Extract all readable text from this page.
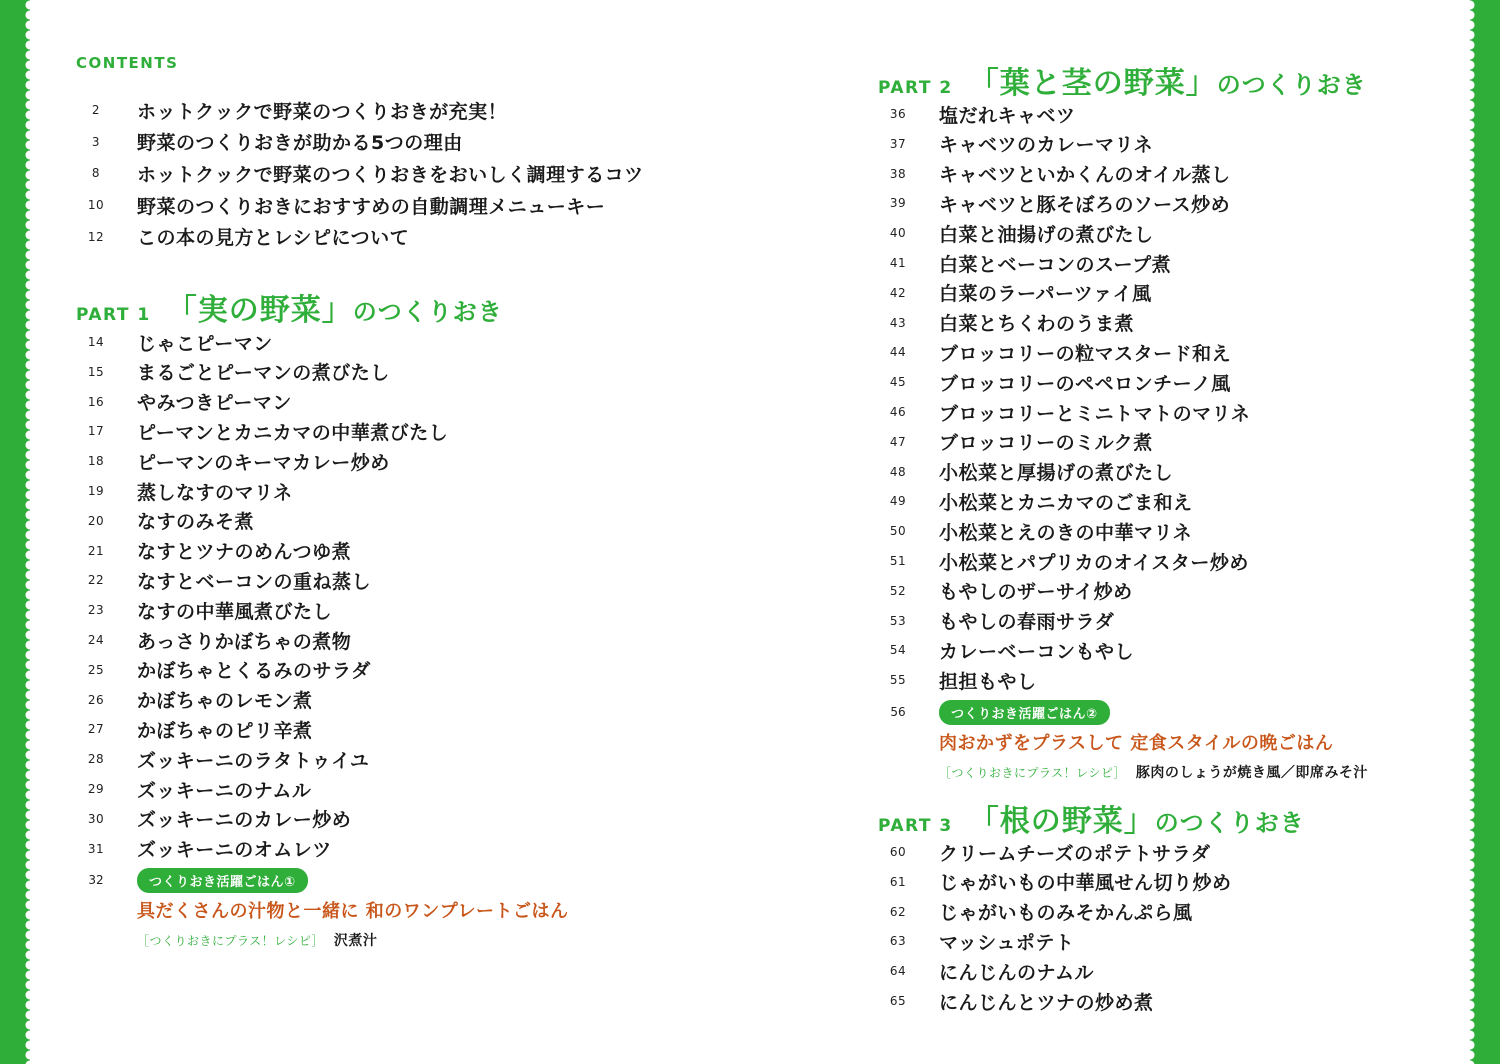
CONTENTS
2	ホットクックで野菜のつくりおきが充実！
3	野菜のつくりおきが助かる5つの理由
8	ホットクックで野菜のつくりおきをおいしく調理するコツ
10	野菜のつくりおきにおすすめの自動調理メニューキー
12	この本の見方とレシピについて
PART 1 「実の野菜」 のつくりおき
14	じゃこピーマン
15	まるごとピーマンの煮びたし
16	やみつきピーマン
17	ピーマンとカニカマの中華煮びたし
18	ピーマンのキーマカレー炒め
19	蒸しなすのマリネ
20	なすのみそ煮
21	なすとツナのめんつゆ煮
22	なすとベーコンの重ね蒸し
23	なすの中華風煮びたし
24	あっさりかぼちゃの煮物
25	かぼちゃとくるみのサラダ
26	かぼちゃのレモン煮
27	かぼちゃのピリ辛煮
28	ズッキーニのラタトゥイユ
29	ズッキーニのナムル
30	ズッキーニのカレー炒め
31	ズッキーニのオムレツ
32	つくりおき活躍ごはん①
具だくさんの汁物と一緒に 和のワンプレートごはん
［つくりおきにプラス！レシピ］ 沢煮汁
PART 2 「葉と茎の野菜」 のつくりおき
36	塩だれキャベツ
37	キャベツのカレーマリネ
38	キャベツといかくんのオイル蒸し
39	キャベツと豚そぼろのソース炒め
40	白菜と油揚げの煮びたし
41	白菜とベーコンのスープ煮
42	白菜のラーパーツァイ風
43	白菜とちくわのうま煮
44	ブロッコリーの粒マスタード和え
45	ブロッコリーのペペロンチーノ風
46	ブロッコリーとミニトマトのマリネ
47	ブロッコリーのミルク煮
48	小松菜と厚揚げの煮びたし
49	小松菜とカニカマのごま和え
50	小松菜とえのきの中華マリネ
51	小松菜とパプリカのオイスター炒め
52	もやしのザーサイ炒め
53	もやしの春雨サラダ
54	カレーベーコンもやし
55	担担もやし
56	つくりおき活躍ごはん②
肉おかずをプラスして 定食スタイルの晩ごはん
［つくりおきにプラス！レシピ］ 豚肉のしょうが焼き風／即席みそ汁
PART 3 「根の野菜」 のつくりおき
60	クリームチーズのポテトサラダ
61	じゃがいもの中華風せん切り炒め
62	じゃがいものみそかんぷら風
63	マッシュポテト
64	にんじんのナムル
65	にんじんとツナの炒め煮
